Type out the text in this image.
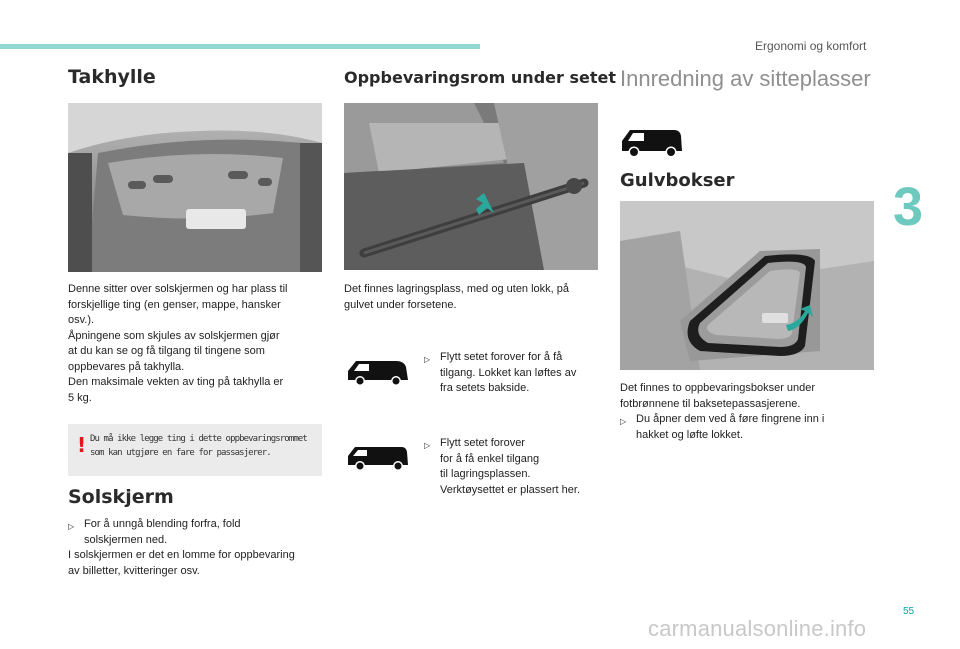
Ergonomi og komfort
3
Takhylle
Denne sitter over solskjermen og har plass til
forskjellige ting (en genser, mappe, hansker
osv.).
Åpningene som skjules av solskjermen gjør
at du kan se og få tilgang til tingene som
oppbevares på takhylla.
Den maksimale vekten av ting på takhylla er
5 kg.
! Du må ikke legge ting i dette oppbevaringsrommet
som kan utgjøre en fare for passasjerer.
Solskjerm
▷ For å unngå blending forfra, fold
solskjermen ned.
I solskjermen er det en lomme for oppbevaring
av billetter, kvitteringer osv.
Oppbevaringsrom under setet
Det finnes lagringsplass, med og uten lokk, på
gulvet under forsetene.
▷ Flytt setet forover for å få
tilgang. Lokket kan løftes av
fra setets bakside.
▷ Flytt setet forover
for å få enkel tilgang
til lagringsplassen.
Verktøysettet er plassert her.
Innredning av sitteplasser
Gulvbokser
Det finnes to oppbevaringsbokser under
fotbrønnene til baksetepassasjerene.
▷ Du åpner dem ved å føre fingrene inn i
hakket og løfte lokket.
55
carmanualsonline.info
